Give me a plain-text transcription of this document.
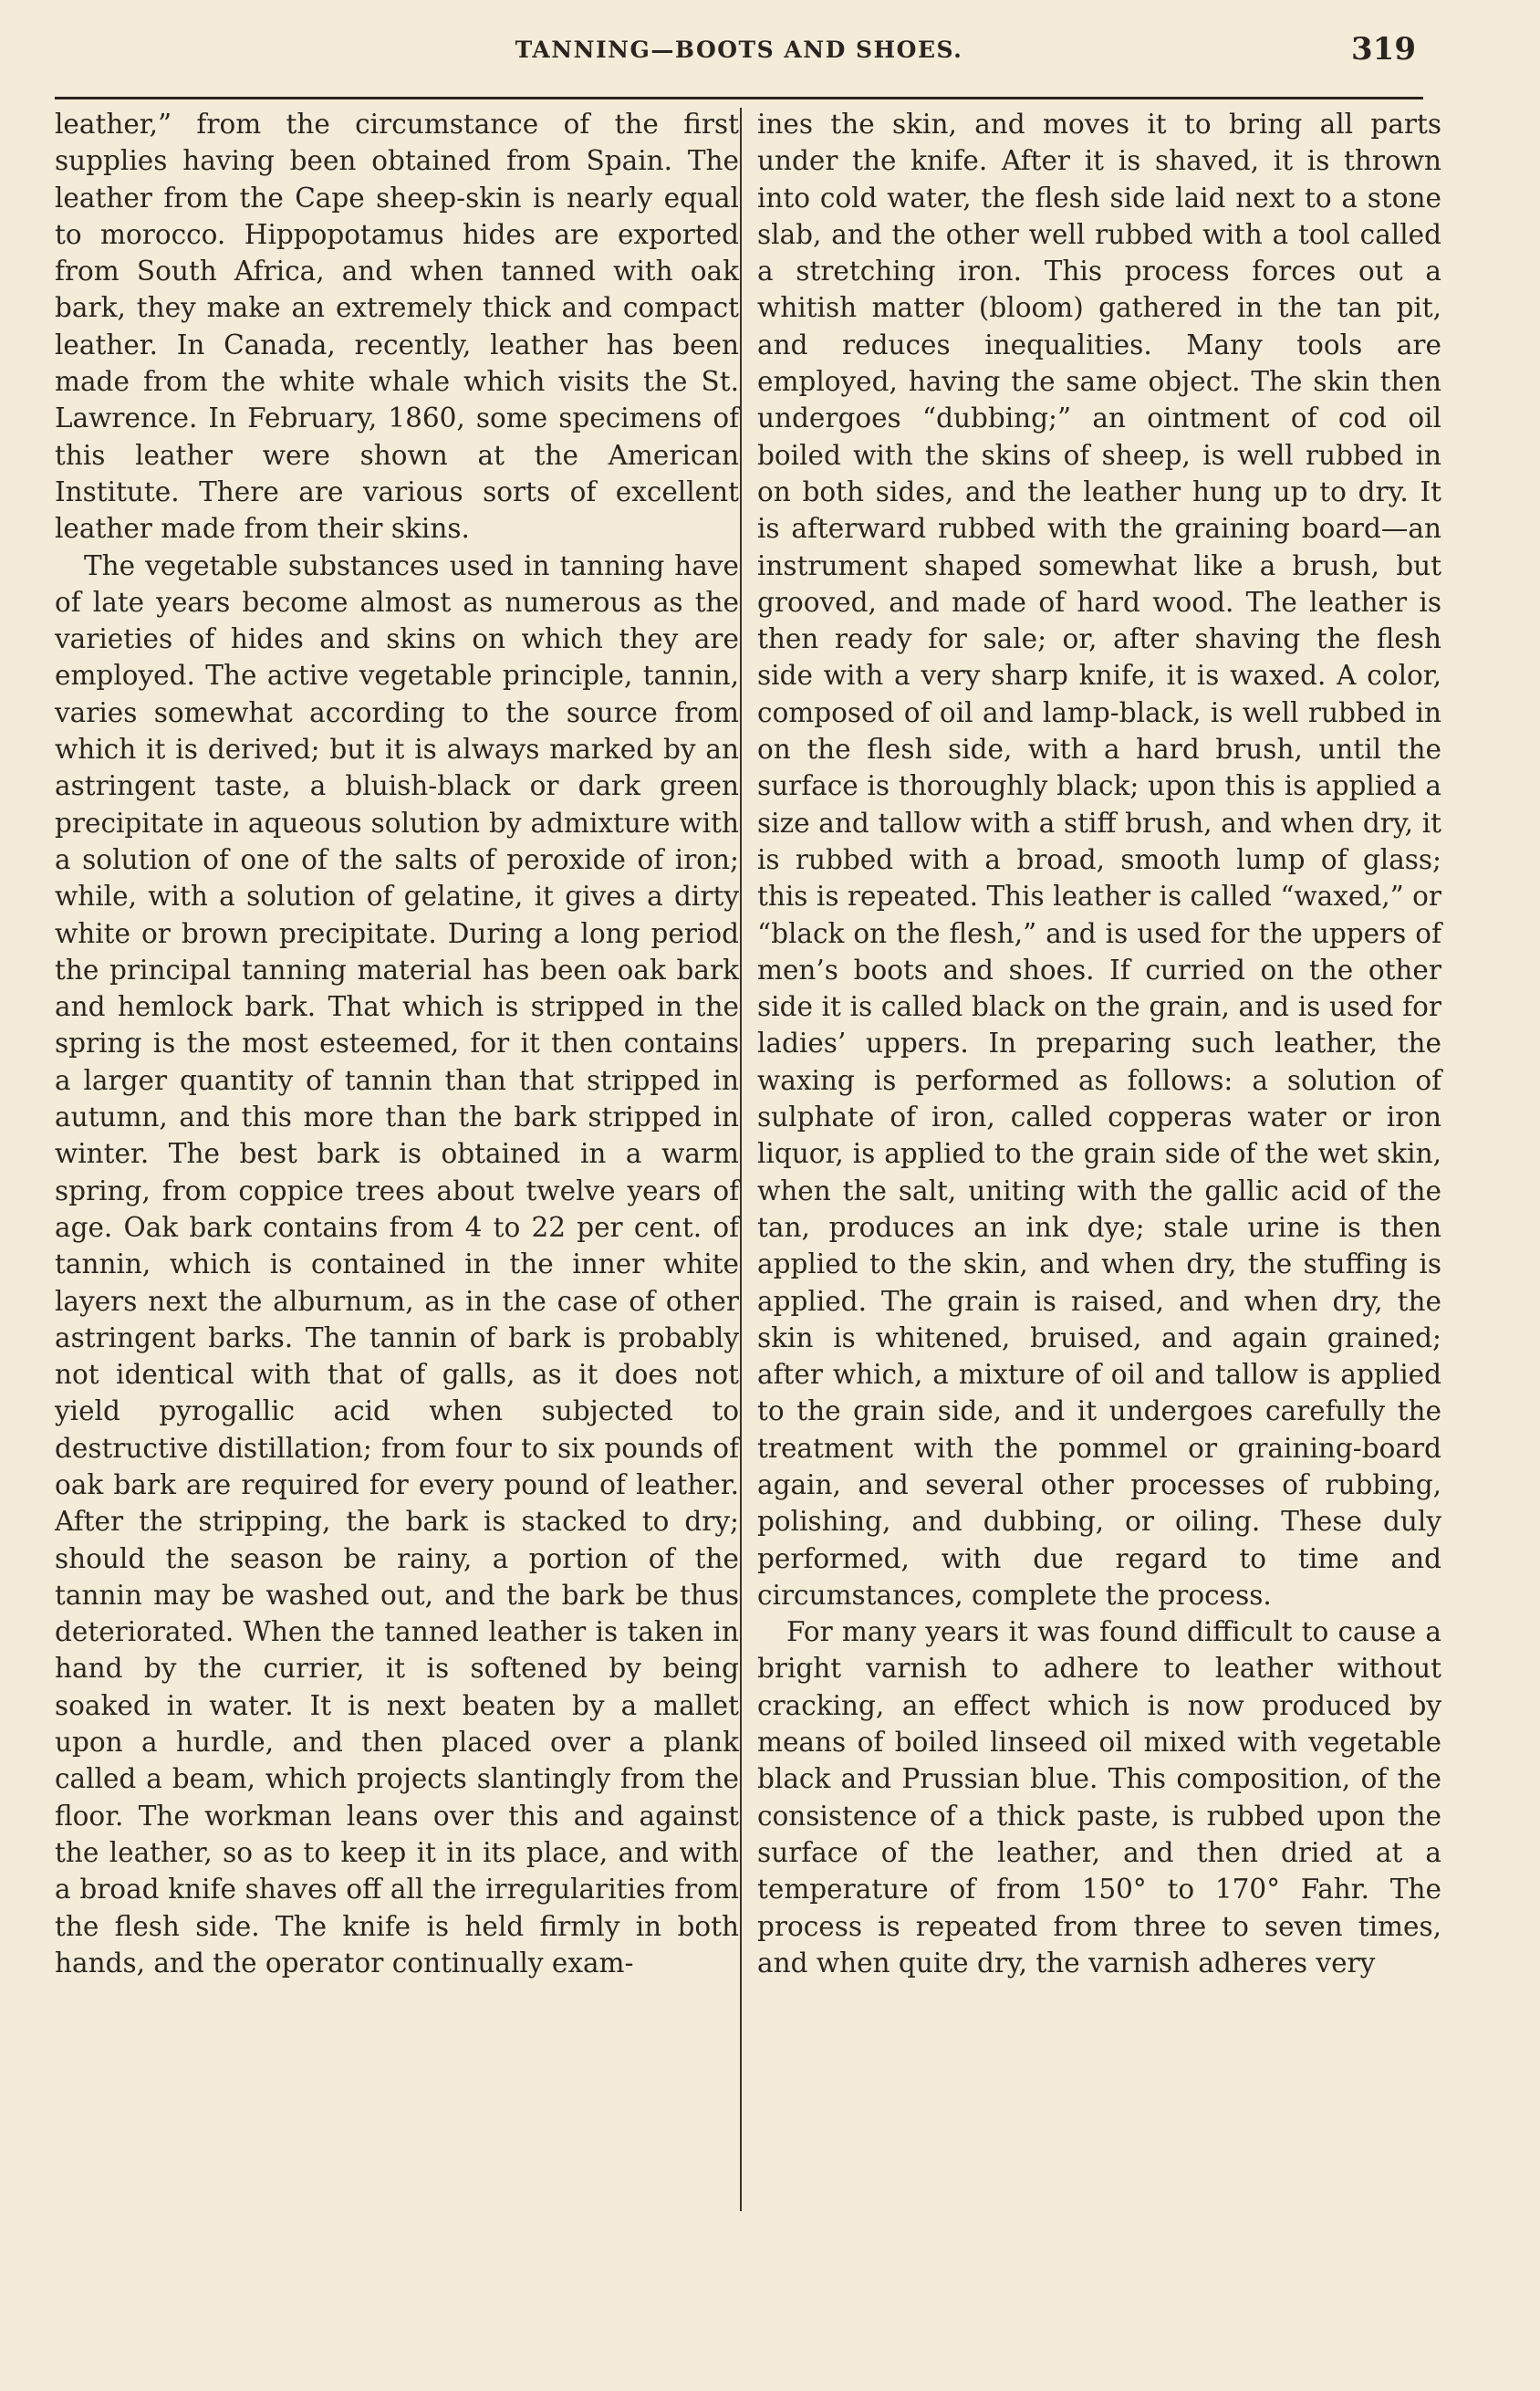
TANNING—BOOTS AND SHOES.	319

leather,” from the circumstance of the first supplies having been obtained from Spain. The leather from the Cape sheep-skin is nearly equal to morocco. Hippopotamus hides are exported from South Africa, and when tanned with oak bark, they make an extremely thick and compact leather. In Canada, recently, leather has been made from the white whale which visits the St. Lawrence. In February, 1860, some specimens of this leather were shown at the American Institute. There are various sorts of excellent leather made from their skins.

The vegetable substances used in tanning have of late years become almost as numerous as the varieties of hides and skins on which they are employed. The active vegetable principle, tannin, varies somewhat according to the source from which it is derived; but it is always marked by an astringent taste, a bluish-black or dark green precipitate in aqueous solution by admixture with a solution of one of the salts of peroxide of iron; while, with a solution of gelatine, it gives a dirty white or brown precipitate. During a long period the principal tanning material has been oak bark and hemlock bark. That which is stripped in the spring is the most esteemed, for it then contains a larger quantity of tannin than that stripped in autumn, and this more than the bark stripped in winter. The best bark is obtained in a warm spring, from coppice trees about twelve years of age. Oak bark contains from 4 to 22 per cent. of tannin, which is contained in the inner white layers next the alburnum, as in the case of other astringent barks. The tannin of bark is probably not identical with that of galls, as it does not yield pyrogallic acid when subjected to destructive distillation; from four to six pounds of oak bark are required for every pound of leather. After the stripping, the bark is stacked to dry; should the season be rainy, a portion of the tannin may be washed out, and the bark be thus deteriorated. When the tanned leather is taken in hand by the currier, it is softened by being soaked in water. It is next beaten by a mallet upon a hurdle, and then placed over a plank called a beam, which projects slantingly from the floor. The workman leans over this and against the leather, so as to keep it in its place, and with a broad knife shaves off all the irregularities from the flesh side. The knife is held firmly in both hands, and the operator continually exam-

ines the skin, and moves it to bring all parts under the knife. After it is shaved, it is thrown into cold water, the flesh side laid next to a stone slab, and the other well rubbed with a tool called a stretching iron. This process forces out a whitish matter (bloom) gathered in the tan pit, and reduces inequalities. Many tools are employed, having the same object. The skin then undergoes “dubbing;” an ointment of cod oil boiled with the skins of sheep, is well rubbed in on both sides, and the leather hung up to dry. It is afterward rubbed with the graining board—an instrument shaped somewhat like a brush, but grooved, and made of hard wood. The leather is then ready for sale; or, after shaving the flesh side with a very sharp knife, it is waxed. A color, composed of oil and lamp-black, is well rubbed in on the flesh side, with a hard brush, until the surface is thoroughly black; upon this is applied a size and tallow with a stiff brush, and when dry, it is rubbed with a broad, smooth lump of glass; this is repeated. This leather is called “waxed,” or “black on the flesh,” and is used for the uppers of men’s boots and shoes. If curried on the other side it is called black on the grain, and is used for ladies’ uppers. In preparing such leather, the waxing is performed as follows: a solution of sulphate of iron, called copperas water or iron liquor, is applied to the grain side of the wet skin, when the salt, uniting with the gallic acid of the tan, produces an ink dye; stale urine is then applied to the skin, and when dry, the stuffing is applied. The grain is raised, and when dry, the skin is whitened, bruised, and again grained; after which, a mixture of oil and tallow is applied to the grain side, and it undergoes carefully the treatment with the pommel or graining-board again, and several other processes of rubbing, polishing, and dubbing, or oiling. These duly performed, with due regard to time and circumstances, complete the process.

For many years it was found difficult to cause a bright varnish to adhere to leather without cracking, an effect which is now produced by means of boiled linseed oil mixed with vegetable black and Prussian blue. This composition, of the consistence of a thick paste, is rubbed upon the surface of the leather, and then dried at a temperature of from 150° to 170° Fahr. The process is repeated from three to seven times, and when quite dry, the varnish adheres very
